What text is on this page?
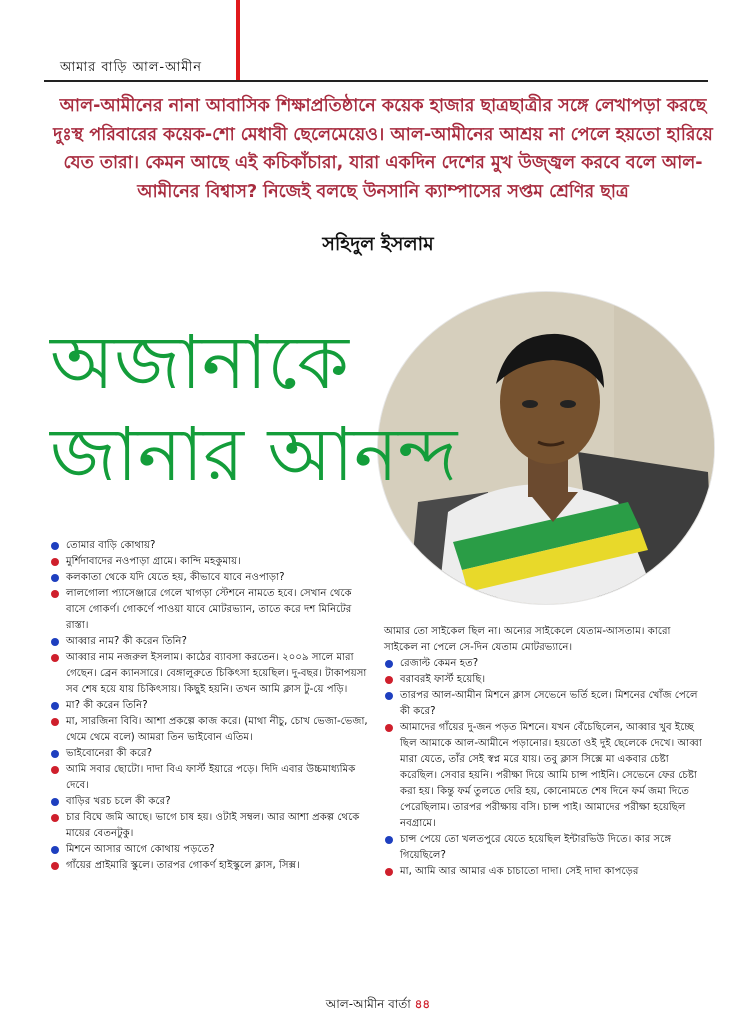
আমার বাড়ি আল-আমীন

আল-আমীনের নানা আবাসিক শিক্ষাপ্রতিষ্ঠানে কয়েক হাজার ছাত্রছাত্রীর সঙ্গে লেখাপড়া করছে দুঃস্থ পরিবারের কয়েক-শো মেধাবী ছেলেমেয়েও। আল-আমীনের আশ্রয় না পেলে হয়তো হারিয়ে যেত তারা। কেমন আছে এই কচিকাঁচারা, যারা একদিন দেশের মুখ উজ্জ্বল করবে বলে আল-আমীনের বিশ্বাস? নিজেই বলছে উনসানি ক্যাম্পাসের সপ্তম শ্রেণির ছাত্র

সহিদুল ইসলাম
অজানাকে
জানার আনন্দ

তোমার বাড়ি কোথায়?

মুর্শিদাবাদের নওপাড়া গ্রামে। কান্দি মহকুমায়।

কলকাতা থেকে যদি যেতে হয়, কীভাবে যাবে নওপাড়া?

লালগোলা প্যাসেঞ্জারে গেলে খাগড়া স্টেশনে নামতে হবে। সেখান থেকে বাসে গোকর্ণ। গোকর্ণে পাওয়া যাবে মোটরভ্যান, তাতে করে দশ মিনিটের রাস্তা।

আব্বার নাম? কী করেন তিনি?

আব্বার নাম নজরুল ইসলাম। কাঠের ব্যাবসা করতেন। ২০০৯ সালে মারা গেছেন। ব্রেন ক্যানসারে। বেঙ্গালুরুতে চিকিৎসা হয়েছিল। দু-বছর। টাকাপয়সা সব শেষ হয়ে যায় চিকিৎসায়। কিছুই হয়নি। তখন আমি ক্লাস টু-য়ে পড়ি।

মা? কী করেন তিনি?

মা, সারজিনা বিবি। আশা প্রকল্পে কাজ করে। (মাথা নীচু, চোখ ভেজা-ভেজা, থেমে থেমে বলে) আমরা তিন ভাইবোন এতিম।

ভাইবোনেরা কী করে?

আমি সবার ছোটো। দাদা বিএ ফার্স্ট ইয়ারে পড়ে। দিদি এবার উচ্চমাধ্যমিক দেবে।

বাড়ির খরচ চলে কী করে?

চার বিঘে জমি আছে। ভাগে চাষ হয়। ওটাই সম্বল। আর আশা প্রকল্প থেকে মায়ের বেতনটুকু।

মিশনে আসার আগে কোথায় পড়তে?

গাঁয়ের প্রাইমারি স্কুলে। তারপর গোকর্ণ হাইস্কুলে ক্লাস, সিক্স।

আমার তো সাইকেল ছিল না। অন্যের সাইকেলে যেতাম-আসতাম। কারো সাইকেল না পেলে সে-দিন যেতাম মোটরভ্যানে।

রেজাল্ট কেমন হত?

বরাবরই ফার্স্ট হয়েছি।

তারপর আল-আমীন মিশনে ক্লাস সেভেনে ভর্তি হলে। মিশনের খোঁজ পেলে কী করে?

আমাদের গাঁয়ের দু-জন পড়ত মিশনে। যখন বেঁচেছিলেন, আব্বার খুব ইচ্ছে ছিল আমাকে আল-আমীনে পড়ানোর। হয়তো ওই দুই ছেলেকে দেখে। আব্বা মারা যেতে, তাঁর সেই স্বপ্ন মরে যায়। তবু ক্লাস সিক্সে মা একবার চেষ্টা করেছিল। সেবার হয়নি। পরীক্ষা দিয়ে আমি চান্স পাইনি। সেভেনে ফের চেষ্টা করা হয়। কিন্তু ফর্ম তুলতে দেরি হয়, কোনোমতে শেষ দিনে ফর্ম জমা দিতে পেরেছিলাম। তারপর পরীক্ষায় বসি। চান্স পাই। আমাদের পরীক্ষা হয়েছিল নবগ্রামে।

চান্স পেয়ে তো খলতপুরে যেতে হয়েছিল ইন্টারভিউ দিতে। কার সঙ্গে গিয়েছিলে?

মা, আমি আর আমার এক চাচাতো দাদা। সেই দাদা কাপড়ের

আল-আমীন বার্তা ৪৪
